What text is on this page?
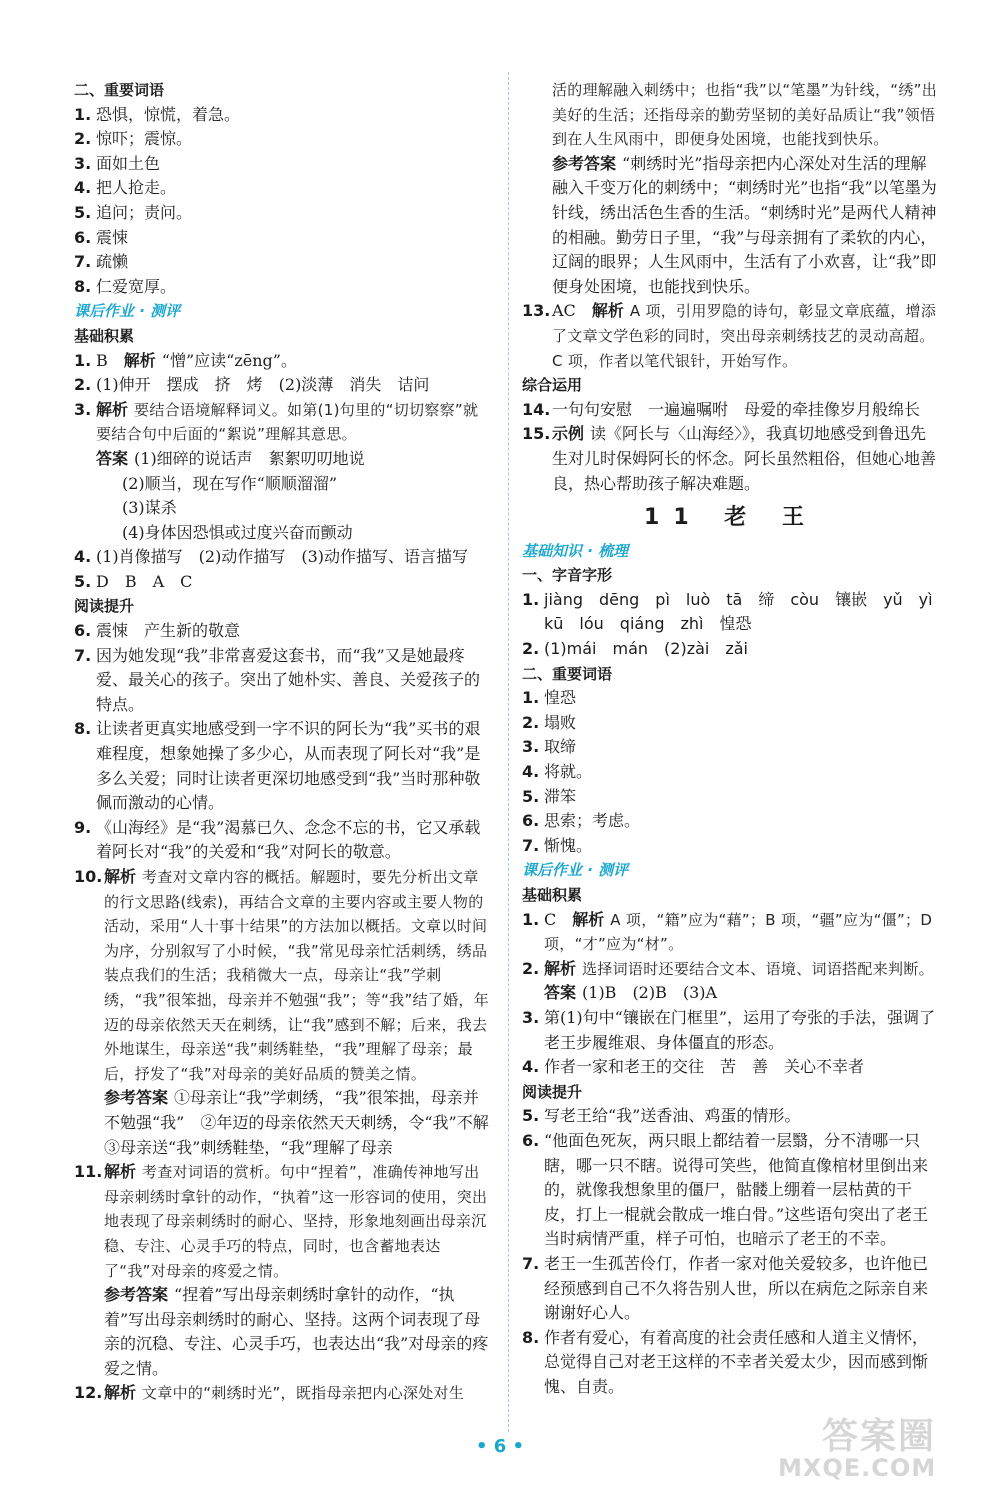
二、重要词语
1. 恐惧，惊慌，着急。
2. 惊吓；震惊。
3. 面如土色
4. 把人抢走。
5. 追问；责问。
6. 震悚
7. 疏懒
8. 仁爱宽厚。
课后作业 · 测评
基础积累
1. B　 解析 “憎”应读“zēng”。
2. (1)伸开　摆成　挤　烤　(2)淡薄　消失　诘问
3. 解析 要结合语境解释词义。如第(1)句里的“切切察察”就要结合句中后面的“絮说”理解其意思。
答案 (1)细碎的说话声　絮絮叨叨地说
(2)顺当，现在写作“顺顺溜溜”
(3)谋杀
(4)身体因恐惧或过度兴奋而颤动
4. (1)肖像描写　(2)动作描写　(3)动作描写、语言描写
5. D　B　A　C
阅读提升
6. 震悚　产生新的敬意
7. 因为她发现“我”非常喜爱这套书，而“我”又是她最疼爱、最关心的孩子。突出了她朴实、善良、关爱孩子的特点。
8. 让读者更真实地感受到一字不识的阿长为“我”买书的艰难程度，想象她操了多少心，从而表现了阿长对“我”是多么关爱；同时让读者更深切地感受到“我”当时那种敬佩而激动的心情。
9. 《山海经》是“我”渴慕已久、念念不忘的书，它又承载着阿长对“我”的关爱和“我”对阿长的敬意。
10. 解析 考查对文章内容的概括。解题时，要先分析出文章的行文思路(线索)，再结合文章的主要内容或主要人物的活动，采用“人十事十结果”的方法加以概括。文章以时间为序，分别叙写了小时候，“我”常见母亲忙活刺绣，绣品装点我们的生活；我稍微大一点，母亲让“我”学刺绣，“我”很笨拙，母亲并不勉强“我”；等“我”结了婚，年迈的母亲依然天天在刺绣，让“我”感到不解；后来，我去外地谋生，母亲送“我”刺绣鞋垫，“我”理解了母亲；最后，抒发了“我”对母亲的美好品质的赞美之情。
参考答案 ①母亲让“我”学刺绣，“我”很笨拙，母亲并不勉强“我”　②年迈的母亲依然天天刺绣，令“我”不解　③母亲送“我”刺绣鞋垫，“我”理解了母亲
11. 解析 考查对词语的赏析。句中“捏着”，准确传神地写出母亲刺绣时拿针的动作，“执着”这一形容词的使用，突出地表现了母亲刺绣时的耐心、坚持，形象地刻画出母亲沉稳、专注、心灵手巧的特点，同时，也含蓄地表达了“我”对母亲的疼爱之情。
参考答案 “捏着”写出母亲刺绣时拿针的动作，“执着”写出母亲刺绣时的耐心、坚持。这两个词表现了母亲的沉稳、专注、心灵手巧，也表达出“我”对母亲的疼爱之情。
12. 解析 文章中的“刺绣时光”，既指母亲把内心深处对生
活的理解融入刺绣中；也指“我”以“笔墨”为针线，“绣”出美好的生活；还指母亲的勤劳坚韧的美好品质让“我”领悟到在人生风雨中，即便身处困境，也能找到快乐。
参考答案 “刺绣时光”指母亲把内心深处对生活的理解融入千变万化的刺绣中；“刺绣时光”也指“我”以笔墨为针线，绣出活色生香的生活。“刺绣时光”是两代人精神的相融。勤劳日子里，“我”与母亲拥有了柔软的内心，辽阔的眼界；人生风雨中，生活有了小欢喜，让“我”即便身处困境，也能找到快乐。
13. AC　 解析 A 项，引用罗隐的诗句，彰显文章底蕴，增添了文章文学色彩的同时，突出母亲刺绣技艺的灵动高超。C 项，作者以笔代银针，开始写作。
综合运用
14. 一句句安慰　一遍遍嘱咐　母爱的牵挂像岁月般绵长
15. 示例 读《阿长与〈山海经〉》，我真切地感受到鲁迅先生对儿时保姆阿长的怀念。阿长虽然粗俗，但她心地善良，热心帮助孩子解决难题。
11 老 王
基础知识 · 梳理
一、字音字形
1. jiàng　dēng　pì　luò　tā　缔　còu　镶嵌　yǔ　yì　kū　lóu　qiáng　zhì　惶恐
2. (1)mái　mán　(2)zài　zǎi
二、重要词语
1. 惶恐
2. 塌败
3. 取缔
4. 将就。
5. 滞笨
6. 思索；考虑。
7. 惭愧。
课后作业 · 测评
基础积累
1. C　 解析 A 项，“籍”应为“藉”；B 项，“疆”应为“僵”；D 项，“才”应为“材”。
2. 解析 选择词语时还要结合文本、语境、词语搭配来判断。
答案 (1)B　(2)B　(3)A
3. 第(1)句中“镶嵌在门框里”，运用了夸张的手法，强调了老王步履维艰、身体僵直的形态。
4. 作者一家和老王的交往　苦　善　关心不幸者
阅读提升
5. 写老王给“我”送香油、鸡蛋的情形。
6. “他面色死灰，两只眼上都结着一层翳，分不清哪一只瞎，哪一只不瞎。说得可笑些，他简直像棺材里倒出来的，就像我想象里的僵尸，骷髅上绷着一层枯黄的干皮，打上一棍就会散成一堆白骨。”这些语句突出了老王当时病情严重，样子可怕，也暗示了老王的不幸。
7. 老王一生孤苦伶仃，作者一家对他关爱较多，也许他已经预感到自己不久将告别人世，所以在病危之际亲自来谢谢好心人。
8. 作者有爱心，有着高度的社会责任感和人道主义情怀，总觉得自己对老王这样的不幸者关爱太少，因而感到惭愧、自责。
• 6 •	答案圈
MXQE.COM
